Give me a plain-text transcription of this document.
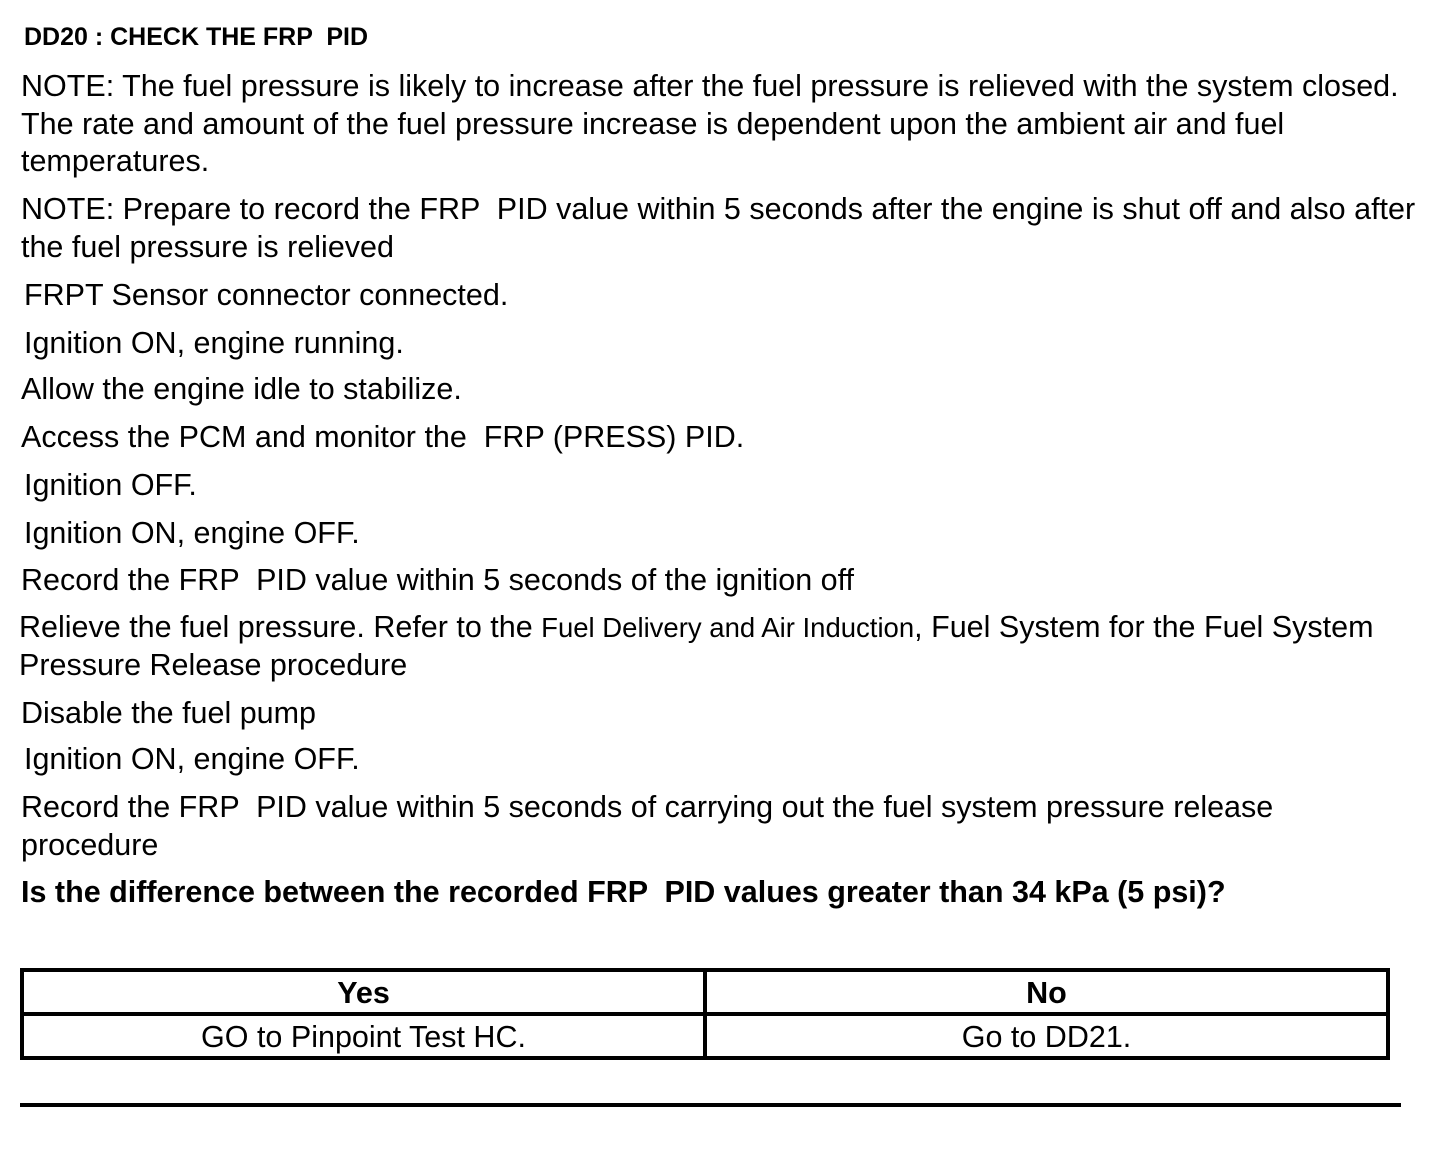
DD20 : CHECK THE FRP  PID
NOTE: The fuel pressure is likely to increase after the fuel pressure is relieved with the system closed. The rate and amount of the fuel pressure increase is dependent upon the ambient air and fuel temperatures.
NOTE: Prepare to record the FRP  PID value within 5 seconds after the engine is shut off and also after the fuel pressure is relieved
FRPT Sensor connector connected.
Ignition ON, engine running.
Allow the engine idle to stabilize.
Access the PCM and monitor the  FRP (PRESS) PID.
Ignition OFF.
Ignition ON, engine OFF.
Record the FRP  PID value within 5 seconds of the ignition off
Relieve the fuel pressure. Refer to the Fuel Delivery and Air Induction, Fuel System for the Fuel System Pressure Release procedure
Disable the fuel pump
Ignition ON, engine OFF.
Record the FRP  PID value within 5 seconds of carrying out the fuel system pressure release procedure
Is the difference between the recorded FRP  PID values greater than 34 kPa (5 psi)?
Yes	No
GO to Pinpoint Test HC.	Go to DD21.
